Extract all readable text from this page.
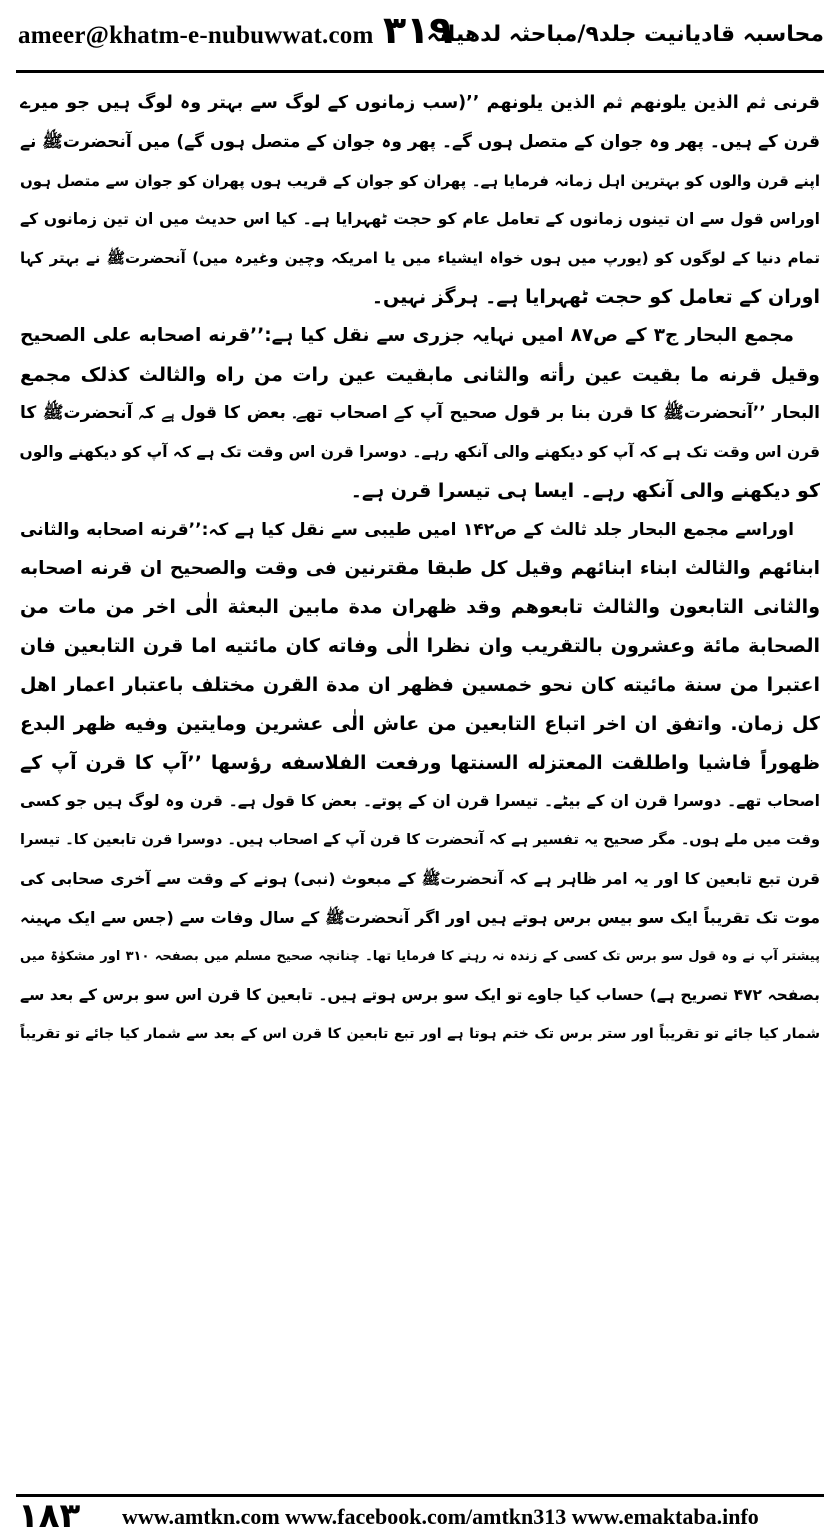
ameer@khatm-e-nubuwwat.com ۳۱۹
محاسبہ قادیانیت جلد۹/مباحثہ لدھیانہ
قرنی ثم الذین یلونهم ثم الذین یلونهم ’’(سب زمانوں کے لوگ سے بہتر وہ لوگ ہیں جو میرے
قرن کے ہیں۔ پھر وہ جوان کے متصل ہوں گے۔ پھر وہ جوان کے متصل ہوں گے) میں آنحضرتﷺ نے
اپنے قرن والوں کو بہترین اہل زمانہ فرمایا ہے۔ پھران کو جوان کے قریب ہوں پھران کو جوان سے متصل ہوں
اوراس قول سے ان تینوں زمانوں کے تعامل عام کو حجت ٹھہرایا ہے۔ کیا اس حدیث میں ان تین زمانوں کے
تمام دنیا کے لوگوں کو (یورپ میں ہوں خواہ ایشیاء میں یا امریکہ وچین وغیرہ میں) آنحضرتﷺ نے بہتر کہا
اوران کے تعامل کو حجت ٹھہرایا ہے۔ ہرگز نہیں۔
مجمع البحار ج۳ کے ص۸۷ امیں نہایہ جزری سے نقل کیا ہے:’’قرنه اصحابه علی الصحیح
وقیل قرنه ما بقیت عین رأته والثانی مابقیت عین رات من راه والثالث کذلک مجمع
البحار ’’آنحضرتﷺ کا قرن بنا بر قول صحیح آپ کے اصحاب تھے۔ بعض کا قول ہے کہ آنحضرتﷺ کا
قرن اس وقت تک ہے کہ آپ کو دیکھنے والی آنکھ رہے۔ دوسرا قرن اس وقت تک ہے کہ آپ کو دیکھنے والوں
کو دیکھنے والی آنکھ رہے۔ ایسا ہی تیسرا قرن ہے۔
اوراسے مجمع البحار جلد ثالث کے ص۱۴۲ امیں طیبی سے نقل کیا ہے کہ:’’قرنه اصحابه والثانی
ابنائهم والثالث ابناء ابنائهم وقیل کل طبقا مقترنین فی وقت والصحیح ان قرنه اصحابه
والثانی التابعون والثالث تابعوهم وقد ظهران مدة مابین البعثة الٰی اخر من مات من
الصحابة مائة وعشرون بالتقریب وان نظرا الٰی وفاته کان مائتیه اما قرن التابعین فان
اعتبرا من سنة مائیته کان نحو خمسین فظهر ان مدة القرن مختلف باعتبار اعمار اهل
کل زمان. واتفق ان اخر اتباع التابعین من عاش الٰی عشرین ومایتین وفیه ظهر البدع
ظهوراً فاشیا واطلقت المعتزله السنتها ورفعت الفلاسفه رؤسها ’’آپ کا قرن آپ کے
اصحاب تھے۔ دوسرا قرن ان کے بیٹے۔ تیسرا قرن ان کے پوتے۔ بعض کا قول ہے۔ قرن وہ لوگ ہیں جو کسی
وقت میں ملے ہوں۔ مگر صحیح یہ تفسیر ہے کہ آنحضرت کا قرن آپ کے اصحاب ہیں۔ دوسرا قرن تابعین کا۔ تیسرا
قرن تبع تابعین کا اور یہ امر ظاہر ہے کہ آنحضرتﷺ کے مبعوث (نبی) ہونے کے وقت سے آخری صحابی کی
موت تک تقریباً ایک سو بیس برس ہوتے ہیں اور اگر آنحضرتﷺ کے سال وفات سے (جس سے ایک مہینہ
پیشتر آپ نے وہ قول سو برس تک کسی کے زندہ نہ رہنے کا فرمایا تھا۔ چنانچہ صحیح مسلم میں بصفحہ ۳۱۰ اور مشکوٰۃ میں
بصفحہ ۴۷۲ تصریح ہے) حساب کیا جاوے تو ایک سو برس ہوتے ہیں۔ تابعین کا قرن اس سو برس کے بعد سے
شمار کیا جائے تو تقریباً اور ستر برس تک ختم ہوتا ہے اور تبع تابعین کا قرن اس کے بعد سے شمار کیا جائے تو تقریباً
۱۸۳ www.amtkn.com www.facebook.com/amtkn313 www.emaktaba.info
